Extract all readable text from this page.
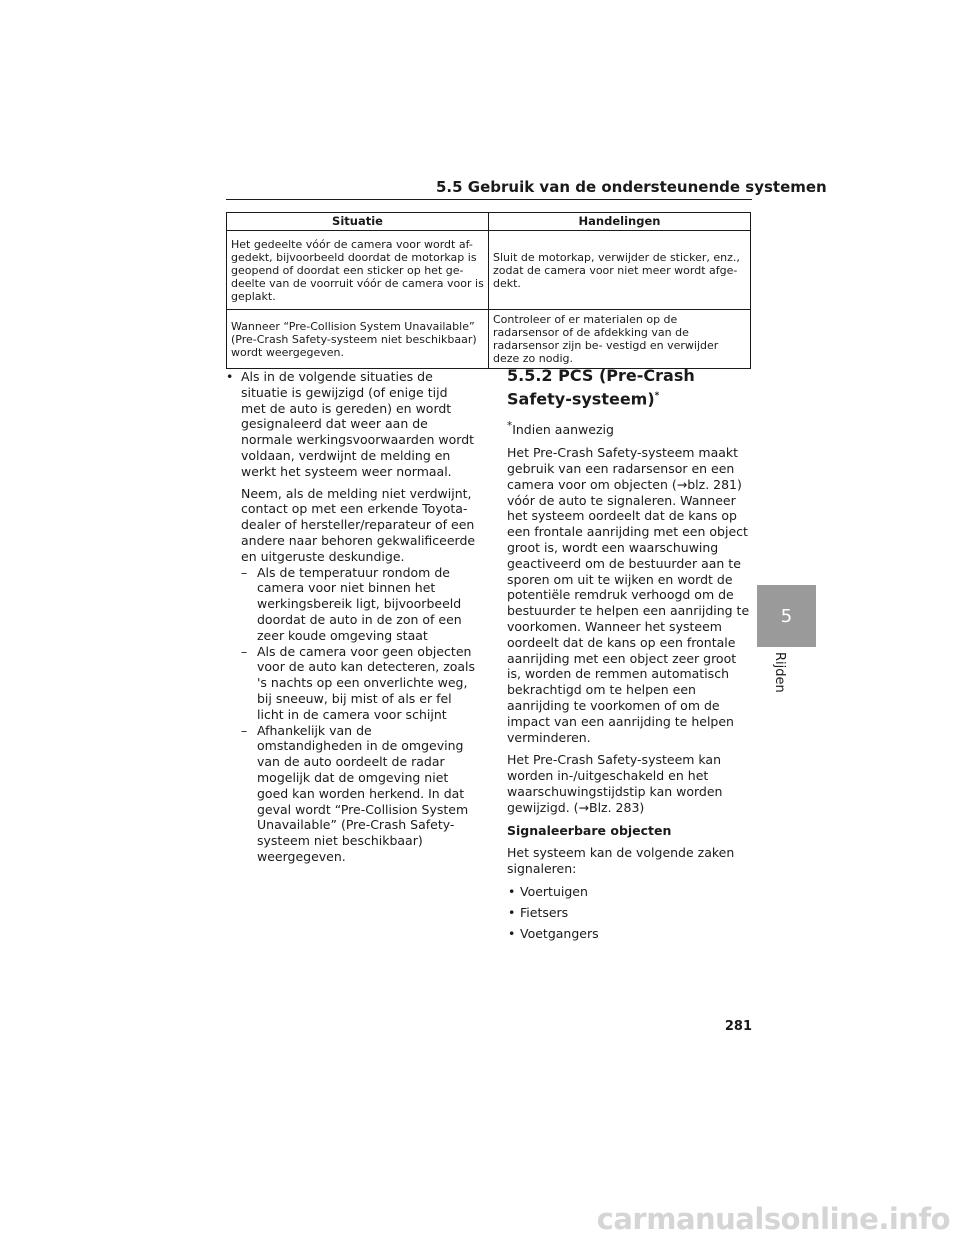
5.5 Gebruik van de ondersteunende systemen
Situatie	Handelingen
Het gedeelte vóór de camera voor wordt af- gedekt, bijvoorbeeld doordat de motorkap is geopend of doordat een sticker op het ge- deelte van de voorruit vóór de camera voor is geplakt.	Sluit de motorkap, verwijder de sticker, enz., zodat de camera voor niet meer wordt afge- dekt.
Wanneer “Pre-Collision System Unavailable” (Pre-Crash Safety-systeem niet beschikbaar) wordt weergegeven.	Controleer of er materialen op de radarsensor of de afdekking van de radarsensor zijn be- vestigd en verwijder deze zo nodig.
• Als in de volgende situaties de situatie is gewijzigd (of enige tijd met de auto is gereden) en wordt gesignaleerd dat weer aan de normale werkingsvoorwaarden wordt voldaan, verdwijnt de melding en werkt het systeem weer normaal.
Neem, als de melding niet verdwijnt, contact op met een erkende Toyota-dealer of hersteller/reparateur of een andere naar behoren gekwalificeerde en uitgeruste deskundige.
– Als de temperatuur rondom de camera voor niet binnen het werkingsbereik ligt, bijvoorbeeld doordat de auto in de zon of een zeer koude omgeving staat
– Als de camera voor geen objecten voor de auto kan detecteren, zoals 's nachts op een onverlichte weg, bij sneeuw, bij mist of als er fel licht in de camera voor schijnt
– Afhankelijk van de omstandigheden in de omgeving van de auto oordeelt de radar mogelijk dat de omgeving niet goed kan worden herkend. In dat geval wordt “Pre-Collision System Unavailable” (Pre-Crash Safety-systeem niet beschikbaar) weergegeven.
5.5.2 PCS (Pre-Crash Safety-systeem)*
*Indien aanwezig
Het Pre-Crash Safety-systeem maakt gebruik van een radarsensor en een camera voor om objecten (→blz. 281) vóór de auto te signaleren. Wanneer het systeem oordeelt dat de kans op een frontale aanrijding met een object groot is, wordt een waarschuwing geactiveerd om de bestuurder aan te sporen om uit te wijken en wordt de potentiële remdruk verhoogd om de bestuurder te helpen een aanrijding te voorkomen. Wanneer het systeem oordeelt dat de kans op een frontale aanrijding met een object zeer groot is, worden de remmen automatisch bekrachtigd om te helpen een aanrijding te voorkomen of om de impact van een aanrijding te helpen verminderen.
Het Pre-Crash Safety-systeem kan worden in-/uitgeschakeld en het waarschuwingstijdstip kan worden gewijzigd. (→Blz. 283)
Signaleerbare objecten
Het systeem kan de volgende zaken signaleren:
• Voertuigen
• Fietsers
• Voetgangers
5
Rijden
281
carmanualsonline.info
